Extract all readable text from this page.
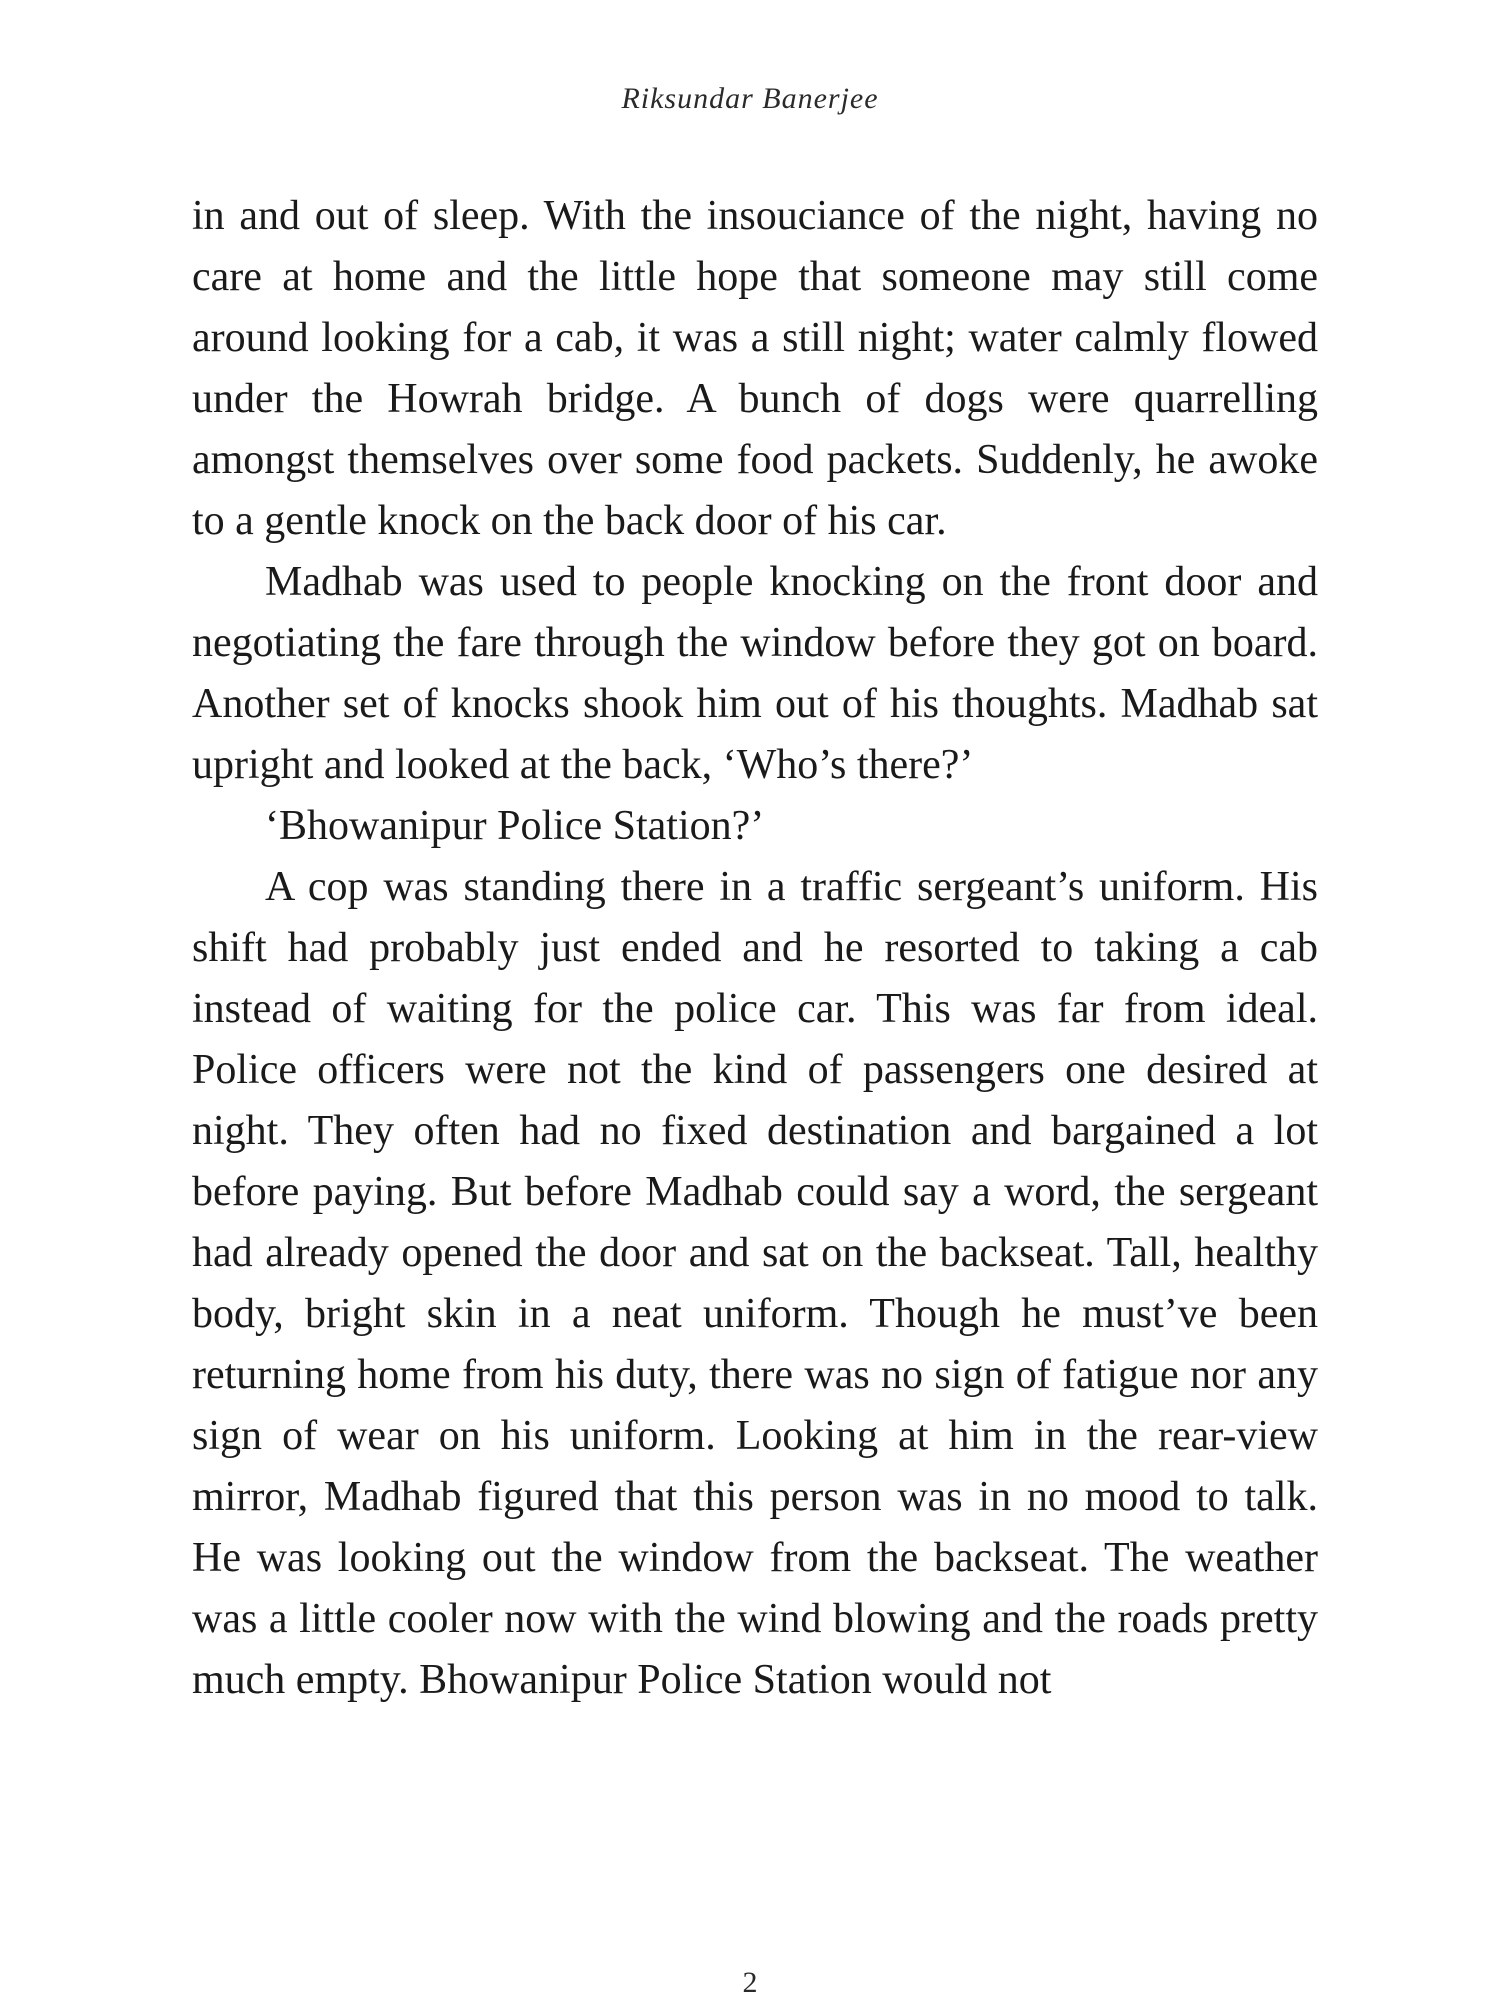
Riksundar Banerjee

in and out of sleep. With the insouciance of the night, having no care at home and the little hope that someone may still come around looking for a cab, it was a still night; water calmly flowed under the Howrah bridge. A bunch of dogs were quarrelling amongst themselves over some food packets. Suddenly, he awoke to a gentle knock on the back door of his car.

Madhab was used to people knocking on the front door and negotiating the fare through the window before they got on board. Another set of knocks shook him out of his thoughts. Madhab sat upright and looked at the back, ‘Who’s there?’

‘Bhowanipur Police Station?’

A cop was standing there in a traffic sergeant’s uniform. His shift had probably just ended and he resorted to taking a cab instead of waiting for the police car. This was far from ideal. Police officers were not the kind of passengers one desired at night. They often had no fixed destination and bargained a lot before paying. But before Madhab could say a word, the sergeant had already opened the door and sat on the backseat. Tall, healthy body, bright skin in a neat uniform. Though he must’ve been returning home from his duty, there was no sign of fatigue nor any sign of wear on his uniform. Looking at him in the rear-view mirror, Madhab figured that this person was in no mood to talk. He was looking out the window from the backseat. The weather was a little cooler now with the wind blowing and the roads pretty much empty. Bhowanipur Police Station would not

2
